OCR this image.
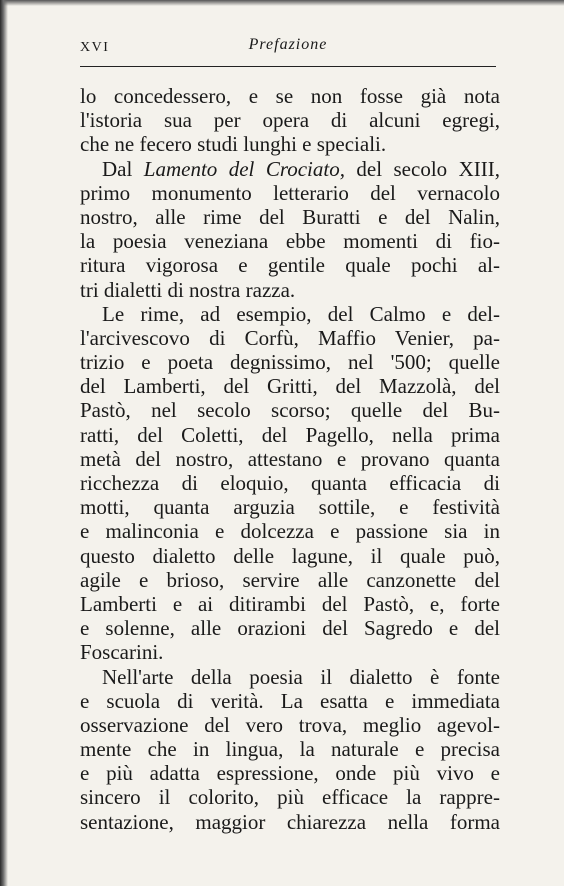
XVI	Prefazione
lo concedessero, e se non fosse già nota
l'istoria sua per opera di alcuni egregi,
che ne fecero studi lunghi e speciali.
Dal Lamento del Crociato, del secolo XIII,
primo monumento letterario del vernacolo
nostro, alle rime del Buratti e del Nalin,
la poesia veneziana ebbe momenti di fio-
ritura vigorosa e gentile quale pochi al-
tri dialetti di nostra razza.
Le rime, ad esempio, del Calmo e del-
l'arcivescovo di Corfù, Maffio Venier, pa-
trizio e poeta degnissimo, nel '500; quelle
del Lamberti, del Gritti, del Mazzolà, del
Pastò, nel secolo scorso; quelle del Bu-
ratti, del Coletti, del Pagello, nella prima
metà del nostro, attestano e provano quanta
ricchezza di eloquio, quanta efficacia di
motti, quanta arguzia sottile, e festività
e malinconia e dolcezza e passione sia in
questo dialetto delle lagune, il quale può,
agile e brioso, servire alle canzonette del
Lamberti e ai ditirambi del Pastò, e, forte
e solenne, alle orazioni del Sagredo e del
Foscarini.
Nell'arte della poesia il dialetto è fonte
e scuola di verità. La esatta e immediata
osservazione del vero trova, meglio agevol-
mente che in lingua, la naturale e precisa
e più adatta espressione, onde più vivo e
sincero il colorito, più efficace la rappre-
sentazione, maggior chiarezza nella forma
